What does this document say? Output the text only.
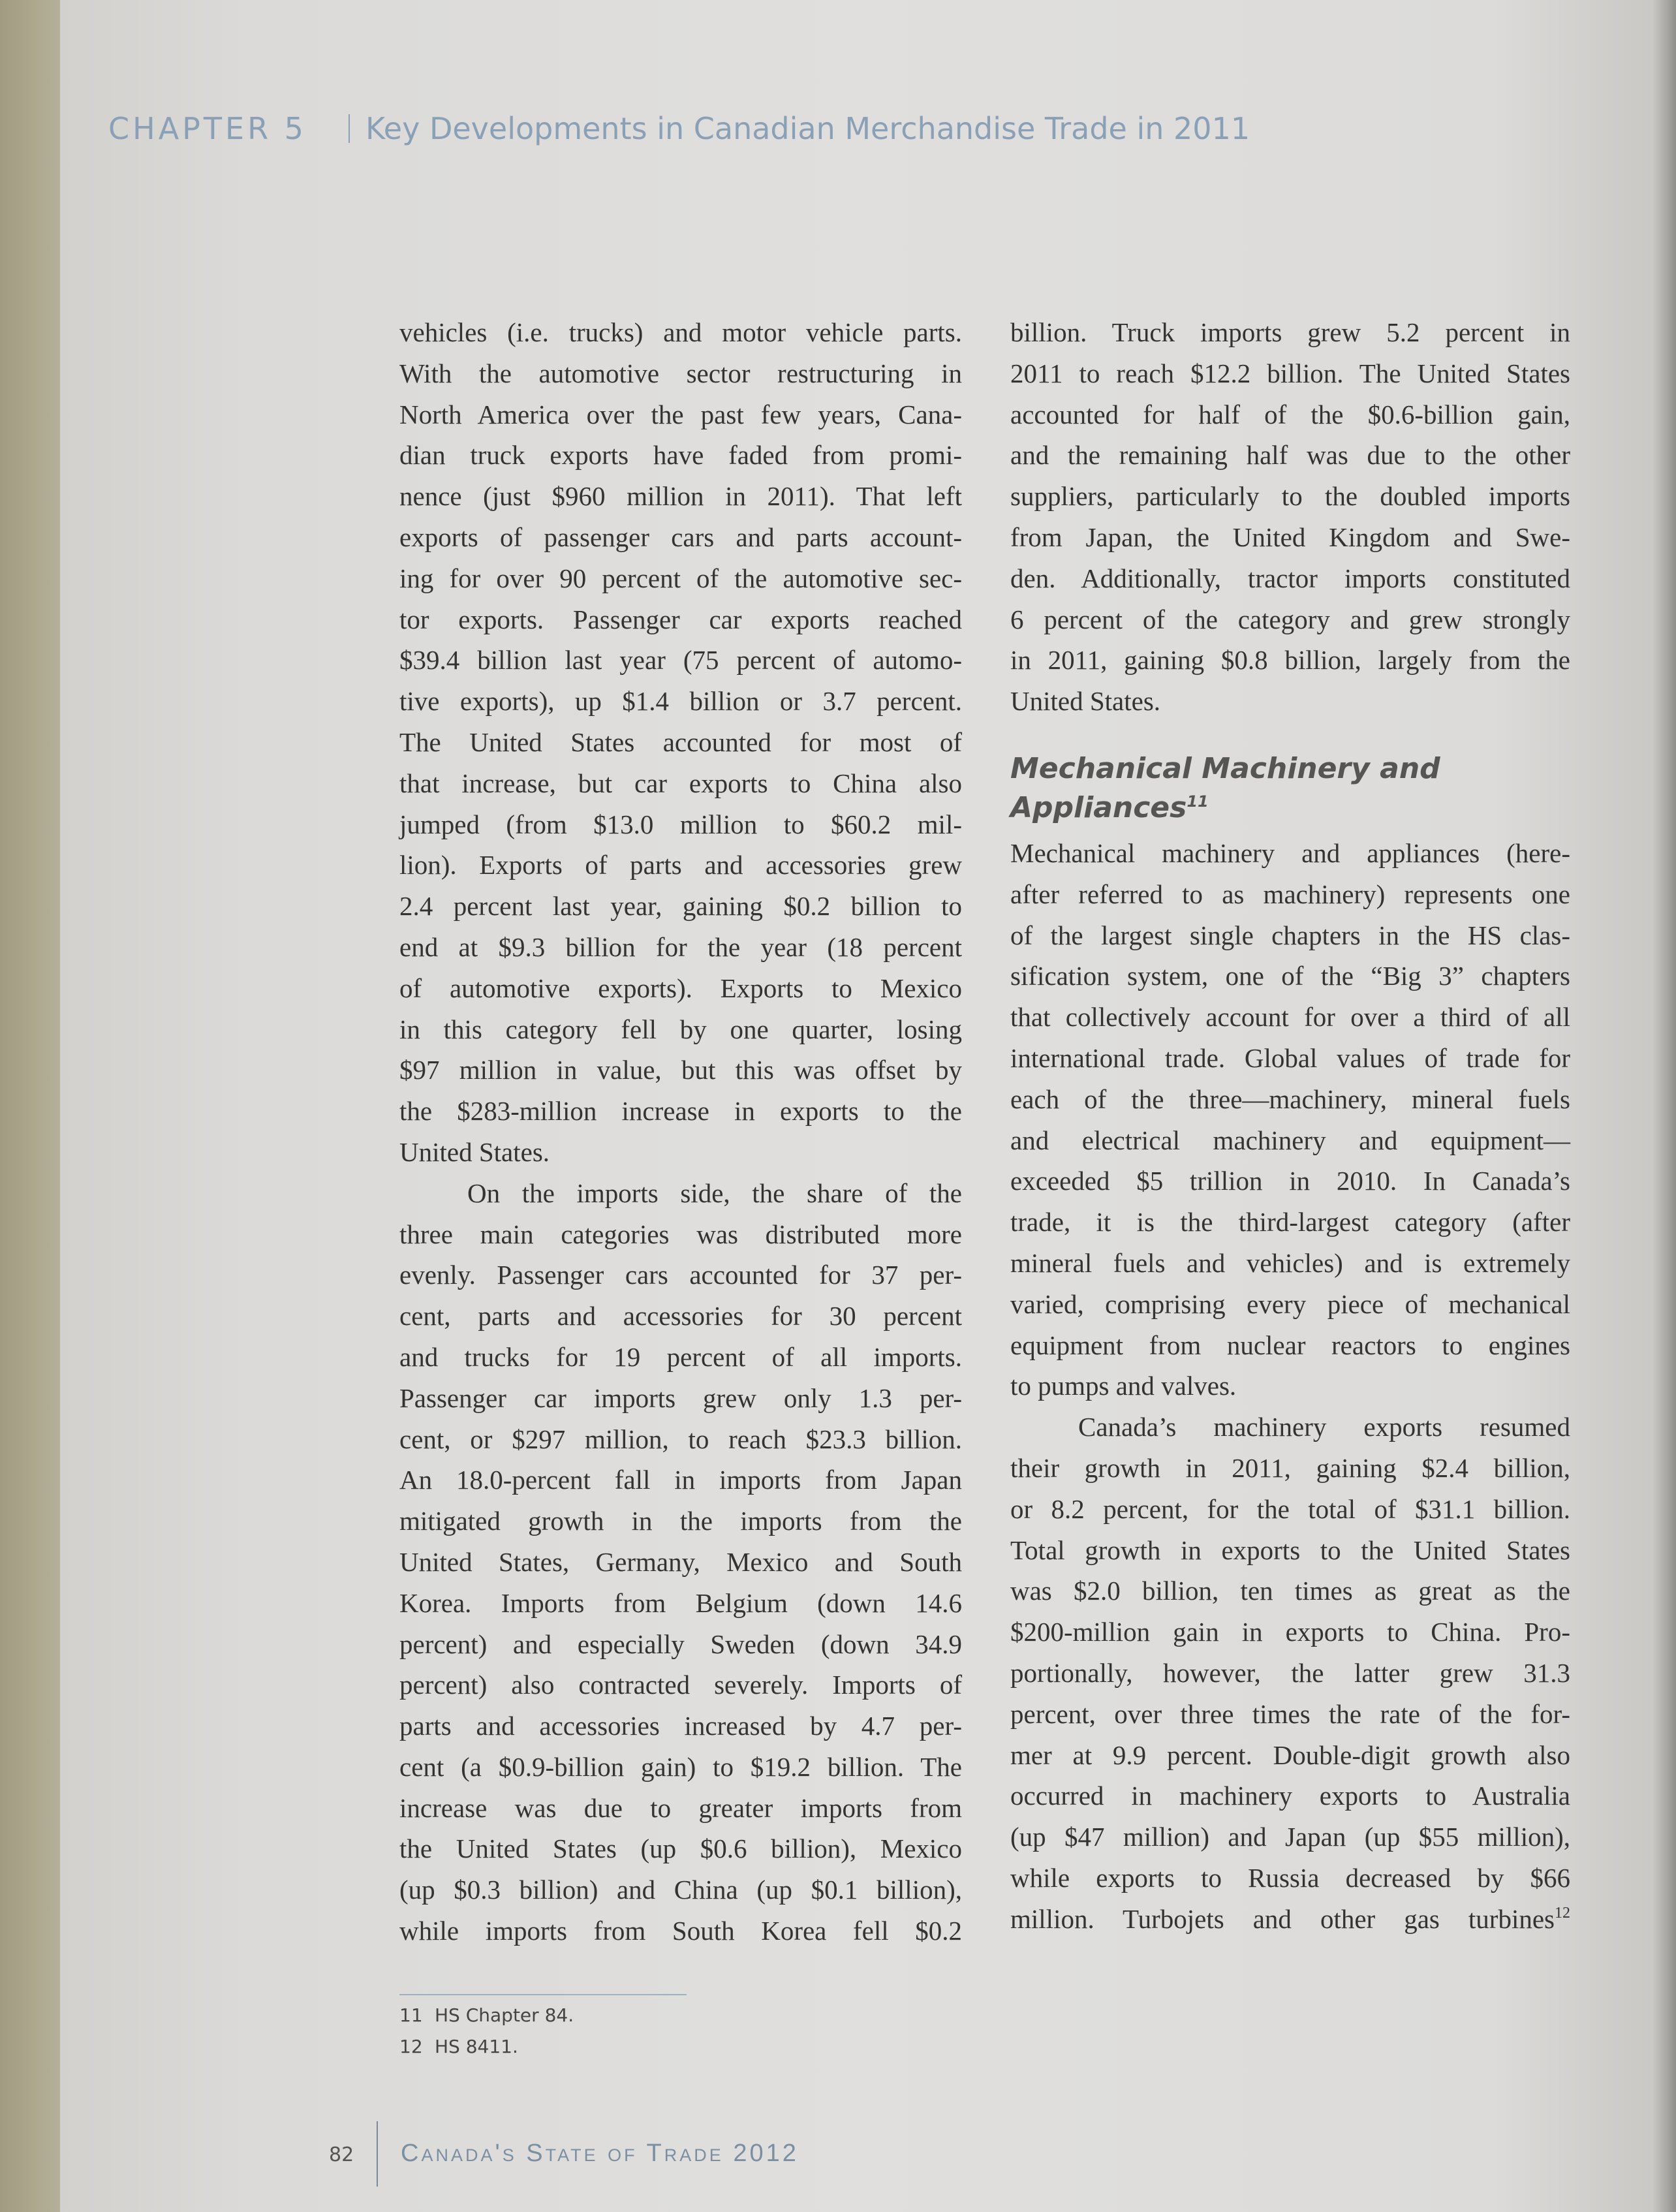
CHAPTER 5 Key Developments in Canadian Merchandise Trade in 2011
vehicles (i.e. trucks) and motor vehicle parts.
With the automotive sector restructuring in
North America over the past few years, Cana-
dian truck exports have faded from promi-
nence (just $960 million in 2011). That left
exports of passenger cars and parts account-
ing for over 90 percent of the automotive sec-
tor exports. Passenger car exports reached
$39.4 billion last year (75 percent of automo-
tive exports), up $1.4 billion or 3.7 percent.
The United States accounted for most of
that increase, but car exports to China also
jumped (from $13.0 million to $60.2 mil-
lion). Exports of parts and accessories grew
2.4 percent last year, gaining $0.2 billion to
end at $9.3 billion for the year (18 percent
of automotive exports). Exports to Mexico
in this category fell by one quarter, losing
$97 million in value, but this was offset by
the $283-million increase in exports to the
United States.
On the imports side, the share of the
three main categories was distributed more
evenly. Passenger cars accounted for 37 per-
cent, parts and accessories for 30 percent
and trucks for 19 percent of all imports.
Passenger car imports grew only 1.3 per-
cent, or $297 million, to reach $23.3 billion.
An 18.0-percent fall in imports from Japan
mitigated growth in the imports from the
United States, Germany, Mexico and South
Korea. Imports from Belgium (down 14.6
percent) and especially Sweden (down 34.9
percent) also contracted severely. Imports of
parts and accessories increased by 4.7 per-
cent (a $0.9-billion gain) to $19.2 billion. The
increase was due to greater imports from
the United States (up $0.6 billion), Mexico
(up $0.3 billion) and China (up $0.1 billion),
while imports from South Korea fell $0.2
billion. Truck imports grew 5.2 percent in
2011 to reach $12.2 billion. The United States
accounted for half of the $0.6-billion gain,
and the remaining half was due to the other
suppliers, particularly to the doubled imports
from Japan, the United Kingdom and Swe-
den. Additionally, tractor imports constituted
6 percent of the category and grew strongly
in 2011, gaining $0.8 billion, largely from the
United States.
Mechanical Machinery and
Appliances$^{11}$
Mechanical machinery and appliances (here-
after referred to as machinery) represents one
of the largest single chapters in the HS clas-
sification system, one of the “Big 3” chapters
that collectively account for over a third of all
international trade. Global values of trade for
each of the three—machinery, mineral fuels
and electrical machinery and equipment—
exceeded $5 trillion in 2010. In Canada’s
trade, it is the third-largest category (after
mineral fuels and vehicles) and is extremely
varied, comprising every piece of mechanical
equipment from nuclear reactors to engines
to pumps and valves.
Canada’s machinery exports resumed
their growth in 2011, gaining $2.4 billion,
or 8.2 percent, for the total of $31.1 billion.
Total growth in exports to the United States
was $2.0 billion, ten times as great as the
$200-million gain in exports to China. Pro-
portionally, however, the latter grew 31.3
percent, over three times the rate of the for-
mer at 9.9 percent. Double-digit growth also
occurred in machinery exports to Australia
(up $47 million) and Japan (up $55 million),
while exports to Russia decreased by $66
million. Turbojets and other gas turbines$^{12}$
11 HS Chapter 84.
12 HS 8411.
82 Canada's State of Trade 2012
